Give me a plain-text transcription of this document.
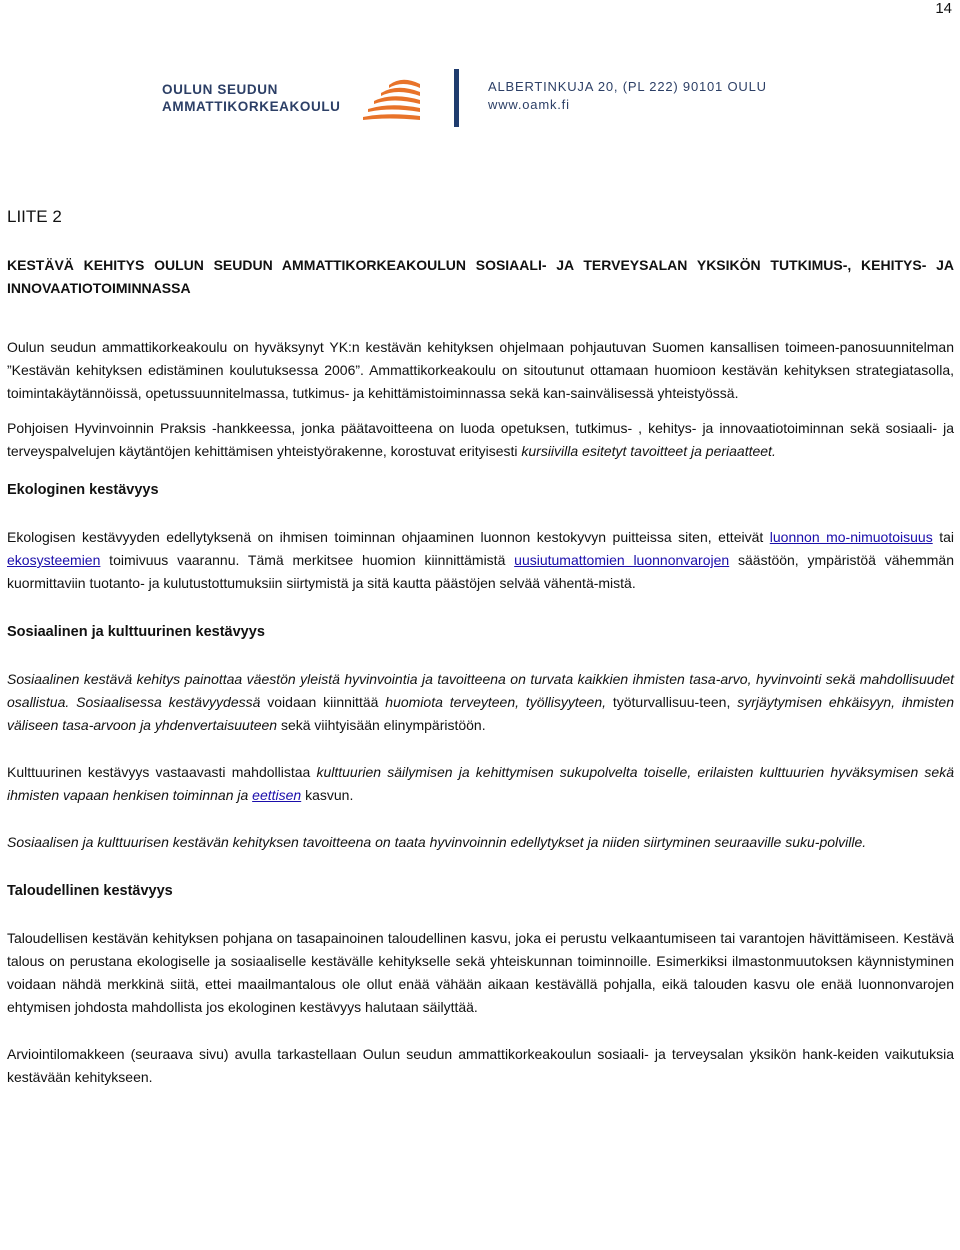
14
OULUN SEUDUN
AMMATTIKORKEAKOULU
ALBERTINKUJA 20, (PL 222) 90101 OULU
www.oamk.fi

LIITE 2

KESTÄVÄ KEHITYS OULUN SEUDUN AMMATTIKORKEAKOULUN SOSIAALI- JA TERVEYSALAN YKSIKÖN TUTKIMUS-, KEHITYS- JA INNOVAATIOTOIMINNASSA

Oulun seudun ammattikorkeakoulu on hyväksynyt YK:n kestävän kehityksen ohjelmaan pohjautuvan Suomen kansallisen toimeen-panosuunnitelman ”Kestävän kehityksen edistäminen koulutuksessa 2006”. Ammattikorkeakoulu on sitoutunut ottamaan huomioon kestävän kehityksen strategiatasolla, toimintakäytännöissä, opetussuunnitelmassa, tutkimus- ja kehittämistoiminnassa sekä kan-sainvälisessä yhteistyössä.

Pohjoisen Hyvinvoinnin Praksis -hankkeessa, jonka päätavoitteena on luoda opetuksen, tutkimus- , kehitys- ja innovaatiotoiminnan sekä sosiaali- ja terveyspalvelujen käytäntöjen kehittämisen yhteistyörakenne, korostuvat erityisesti kursiivilla esitetyt tavoitteet ja periaatteet.

Ekologinen kestävyys

Ekologisen kestävyyden edellytyksenä on ihmisen toiminnan ohjaaminen luonnon kestokyvyn puitteissa siten, etteivät luonnon mo-nimuotoisuus tai ekosysteemien toimivuus vaarannu. Tämä merkitsee huomion kiinnittämistä uusiutumattomien luonnonvarojen säästöön, ympäristöä vähemmän kuormittaviin tuotanto- ja kulutustottumuksiin siirtymistä ja sitä kautta päästöjen selvää vähentä-mistä.

Sosiaalinen ja kulttuurinen kestävyys

Sosiaalinen kestävä kehitys painottaa väestön yleistä hyvinvointia ja tavoitteena on turvata kaikkien ihmisten tasa-arvo, hyvinvointi sekä mahdollisuudet osallistua. Sosiaalisessa kestävyydessä voidaan kiinnittää huomiota terveyteen, työllisyyteen, työturvallisuu-teen, syrjäytymisen ehkäisyyn, ihmisten väliseen tasa-arvoon ja yhdenvertaisuuteen sekä viihtyisään elinympäristöön.

Kulttuurinen kestävyys vastaavasti mahdollistaa kulttuurien säilymisen ja kehittymisen sukupolvelta toiselle, erilaisten kulttuurien hyväksymisen sekä ihmisten vapaan henkisen toiminnan ja eettisen kasvun.

Sosiaalisen ja kulttuurisen kestävän kehityksen tavoitteena on taata hyvinvoinnin edellytykset ja niiden siirtyminen seuraaville suku-polville.

Taloudellinen kestävyys

Taloudellisen kestävän kehityksen pohjana on tasapainoinen taloudellinen kasvu, joka ei perustu velkaantumiseen tai varantojen hävittämiseen. Kestävä talous on perustana ekologiselle ja sosiaaliselle kestävälle kehitykselle sekä yhteiskunnan toiminnoille. Esimerkiksi ilmastonmuutoksen käynnistyminen voidaan nähdä merkkinä siitä, ettei maailmantalous ole ollut enää vähään aikaan kestävällä pohjalla, eikä talouden kasvu ole enää luonnonvarojen ehtymisen johdosta mahdollista jos ekologinen kestävyys halutaan säilyttää.

Arviointilomakkeen (seuraava sivu) avulla tarkastellaan Oulun seudun ammattikorkeakoulun sosiaali- ja terveysalan yksikön hank-keiden vaikutuksia kestävään kehitykseen.
